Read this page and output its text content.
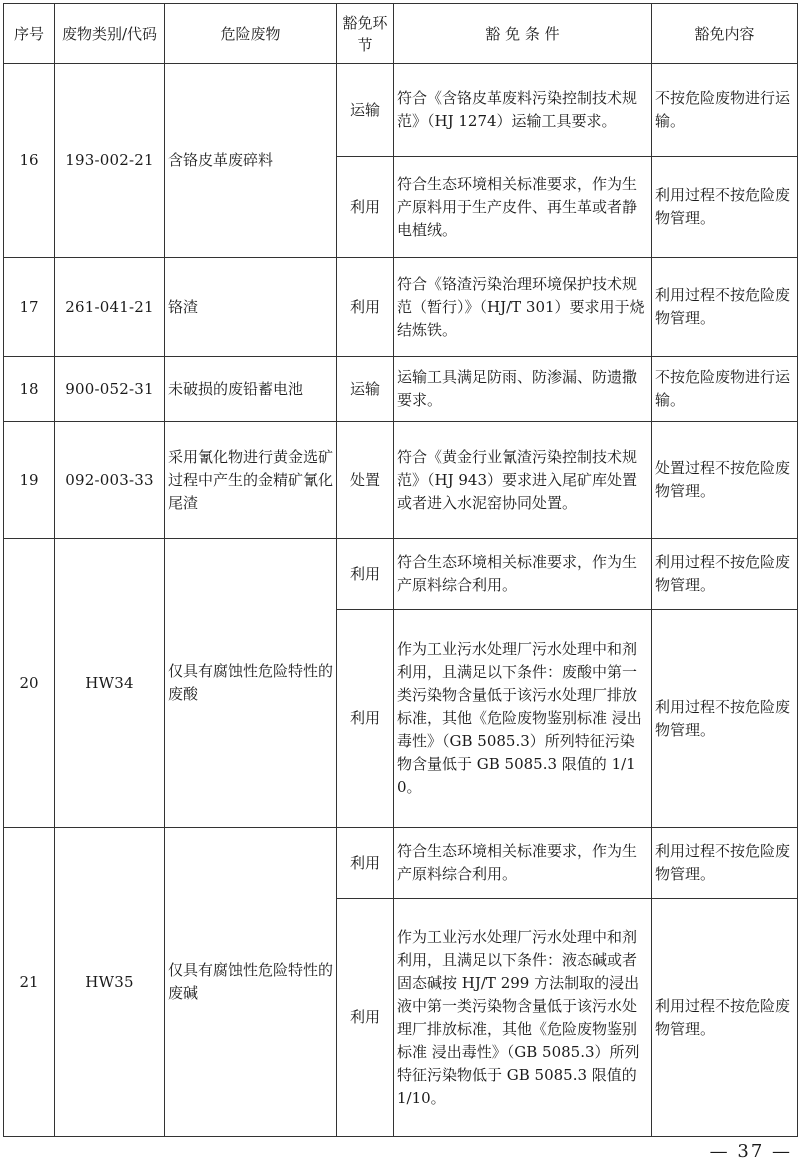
序号	废物类别/代码	危险废物	豁免环节	豁 免 条 件	豁免内容
16	193-002-21	含铬皮革废碎料	运输	符合《含铬皮革废料污染控制技术规范》（HJ 1274）运输工具要求。	不按危险废物进行运输。
			利用	符合生态环境相关标准要求，作为生产原料用于生产皮件、再生革或者静电植绒。	利用过程不按危险废物管理。
17	261-041-21	铬渣	利用	符合《铬渣污染治理环境保护技术规范（暂行）》（HJ/T 301）要求用于烧结炼铁。	利用过程不按危险废物管理。
18	900-052-31	未破损的废铅蓄电池	运输	运输工具满足防雨、防渗漏、防遗撒要求。	不按危险废物进行运输。
19	092-003-33	采用氰化物进行黄金选矿过程中产生的金精矿氰化尾渣	处置	符合《黄金行业氰渣污染控制技术规范》（HJ 943）要求进入尾矿库处置或者进入水泥窑协同处置。	处置过程不按危险废物管理。
20	HW34	仅具有腐蚀性危险特性的废酸	利用	符合生态环境相关标准要求，作为生产原料综合利用。	利用过程不按危险废物管理。
			利用	作为工业污水处理厂污水处理中和剂利用，且满足以下条件：废酸中第一类污染物含量低于该污水处理厂排放标准，其他《危险废物鉴别标准 浸出毒性》（GB 5085.3）所列特征污染物含量低于 GB 5085.3 限值的 1/10。	利用过程不按危险废物管理。
21	HW35	仅具有腐蚀性危险特性的废碱	利用	符合生态环境相关标准要求，作为生产原料综合利用。	利用过程不按危险废物管理。
			利用	作为工业污水处理厂污水处理中和剂利用，且满足以下条件：液态碱或者固态碱按 HJ/T 299 方法制取的浸出液中第一类污染物含量低于该污水处理厂排放标准，其他《危险废物鉴别标准 浸出毒性》（GB 5085.3）所列特征污染物低于 GB 5085.3 限值的 1/10。	利用过程不按危险废物管理。
— 37 —
